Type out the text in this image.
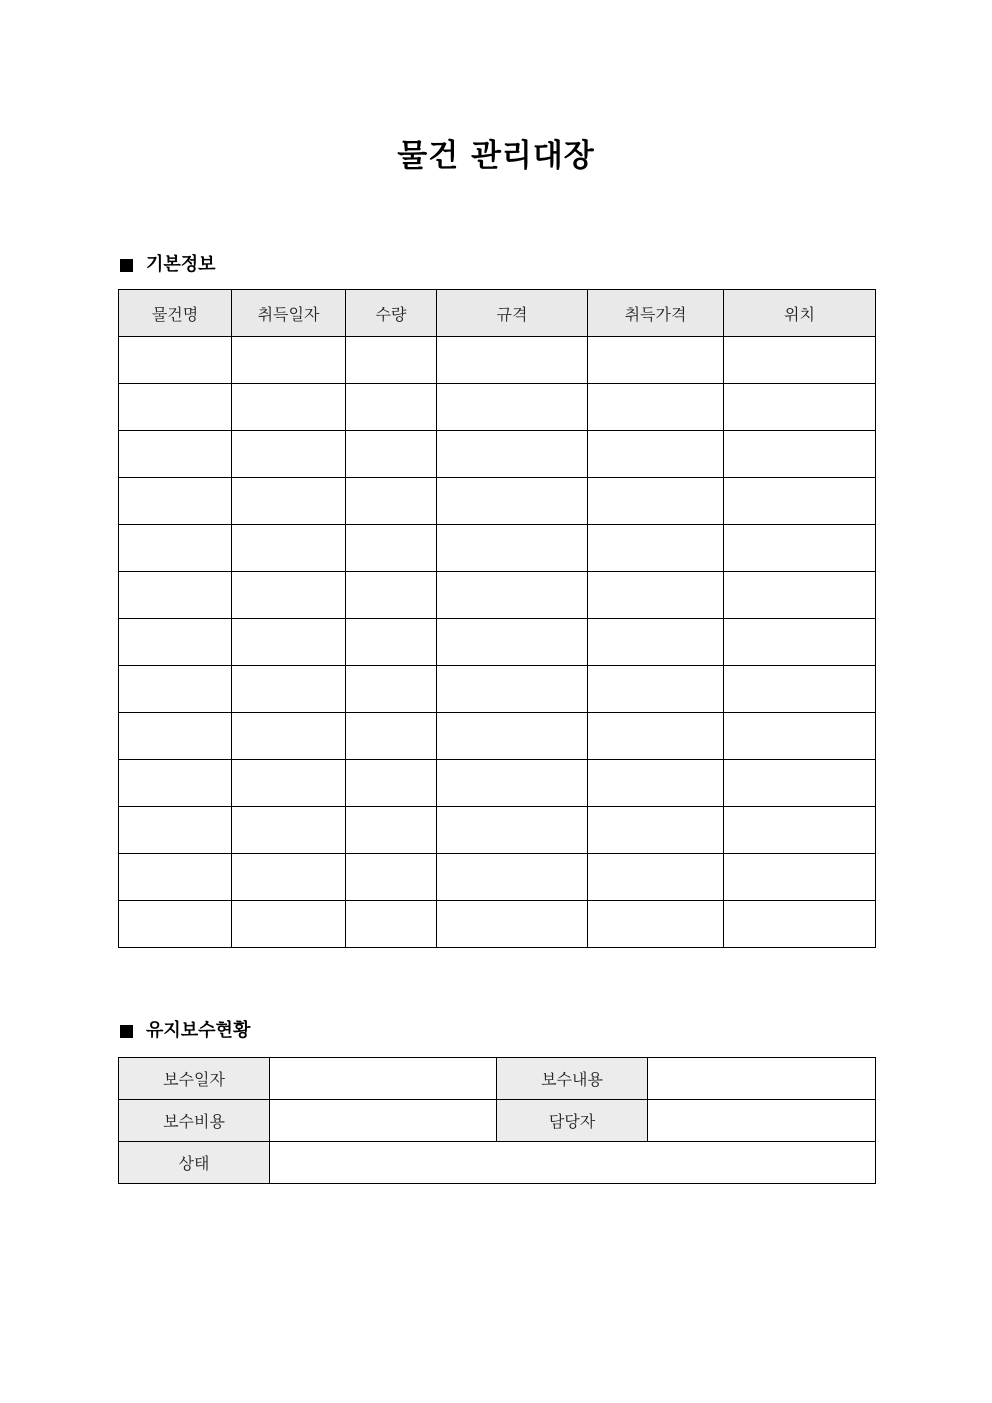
물건 관리대장
기본정보
물건명	취득일자	수량	규격	취득가격	위치

유지보수현황
보수일자		보수내용	
보수비용		담당자	
상태			
